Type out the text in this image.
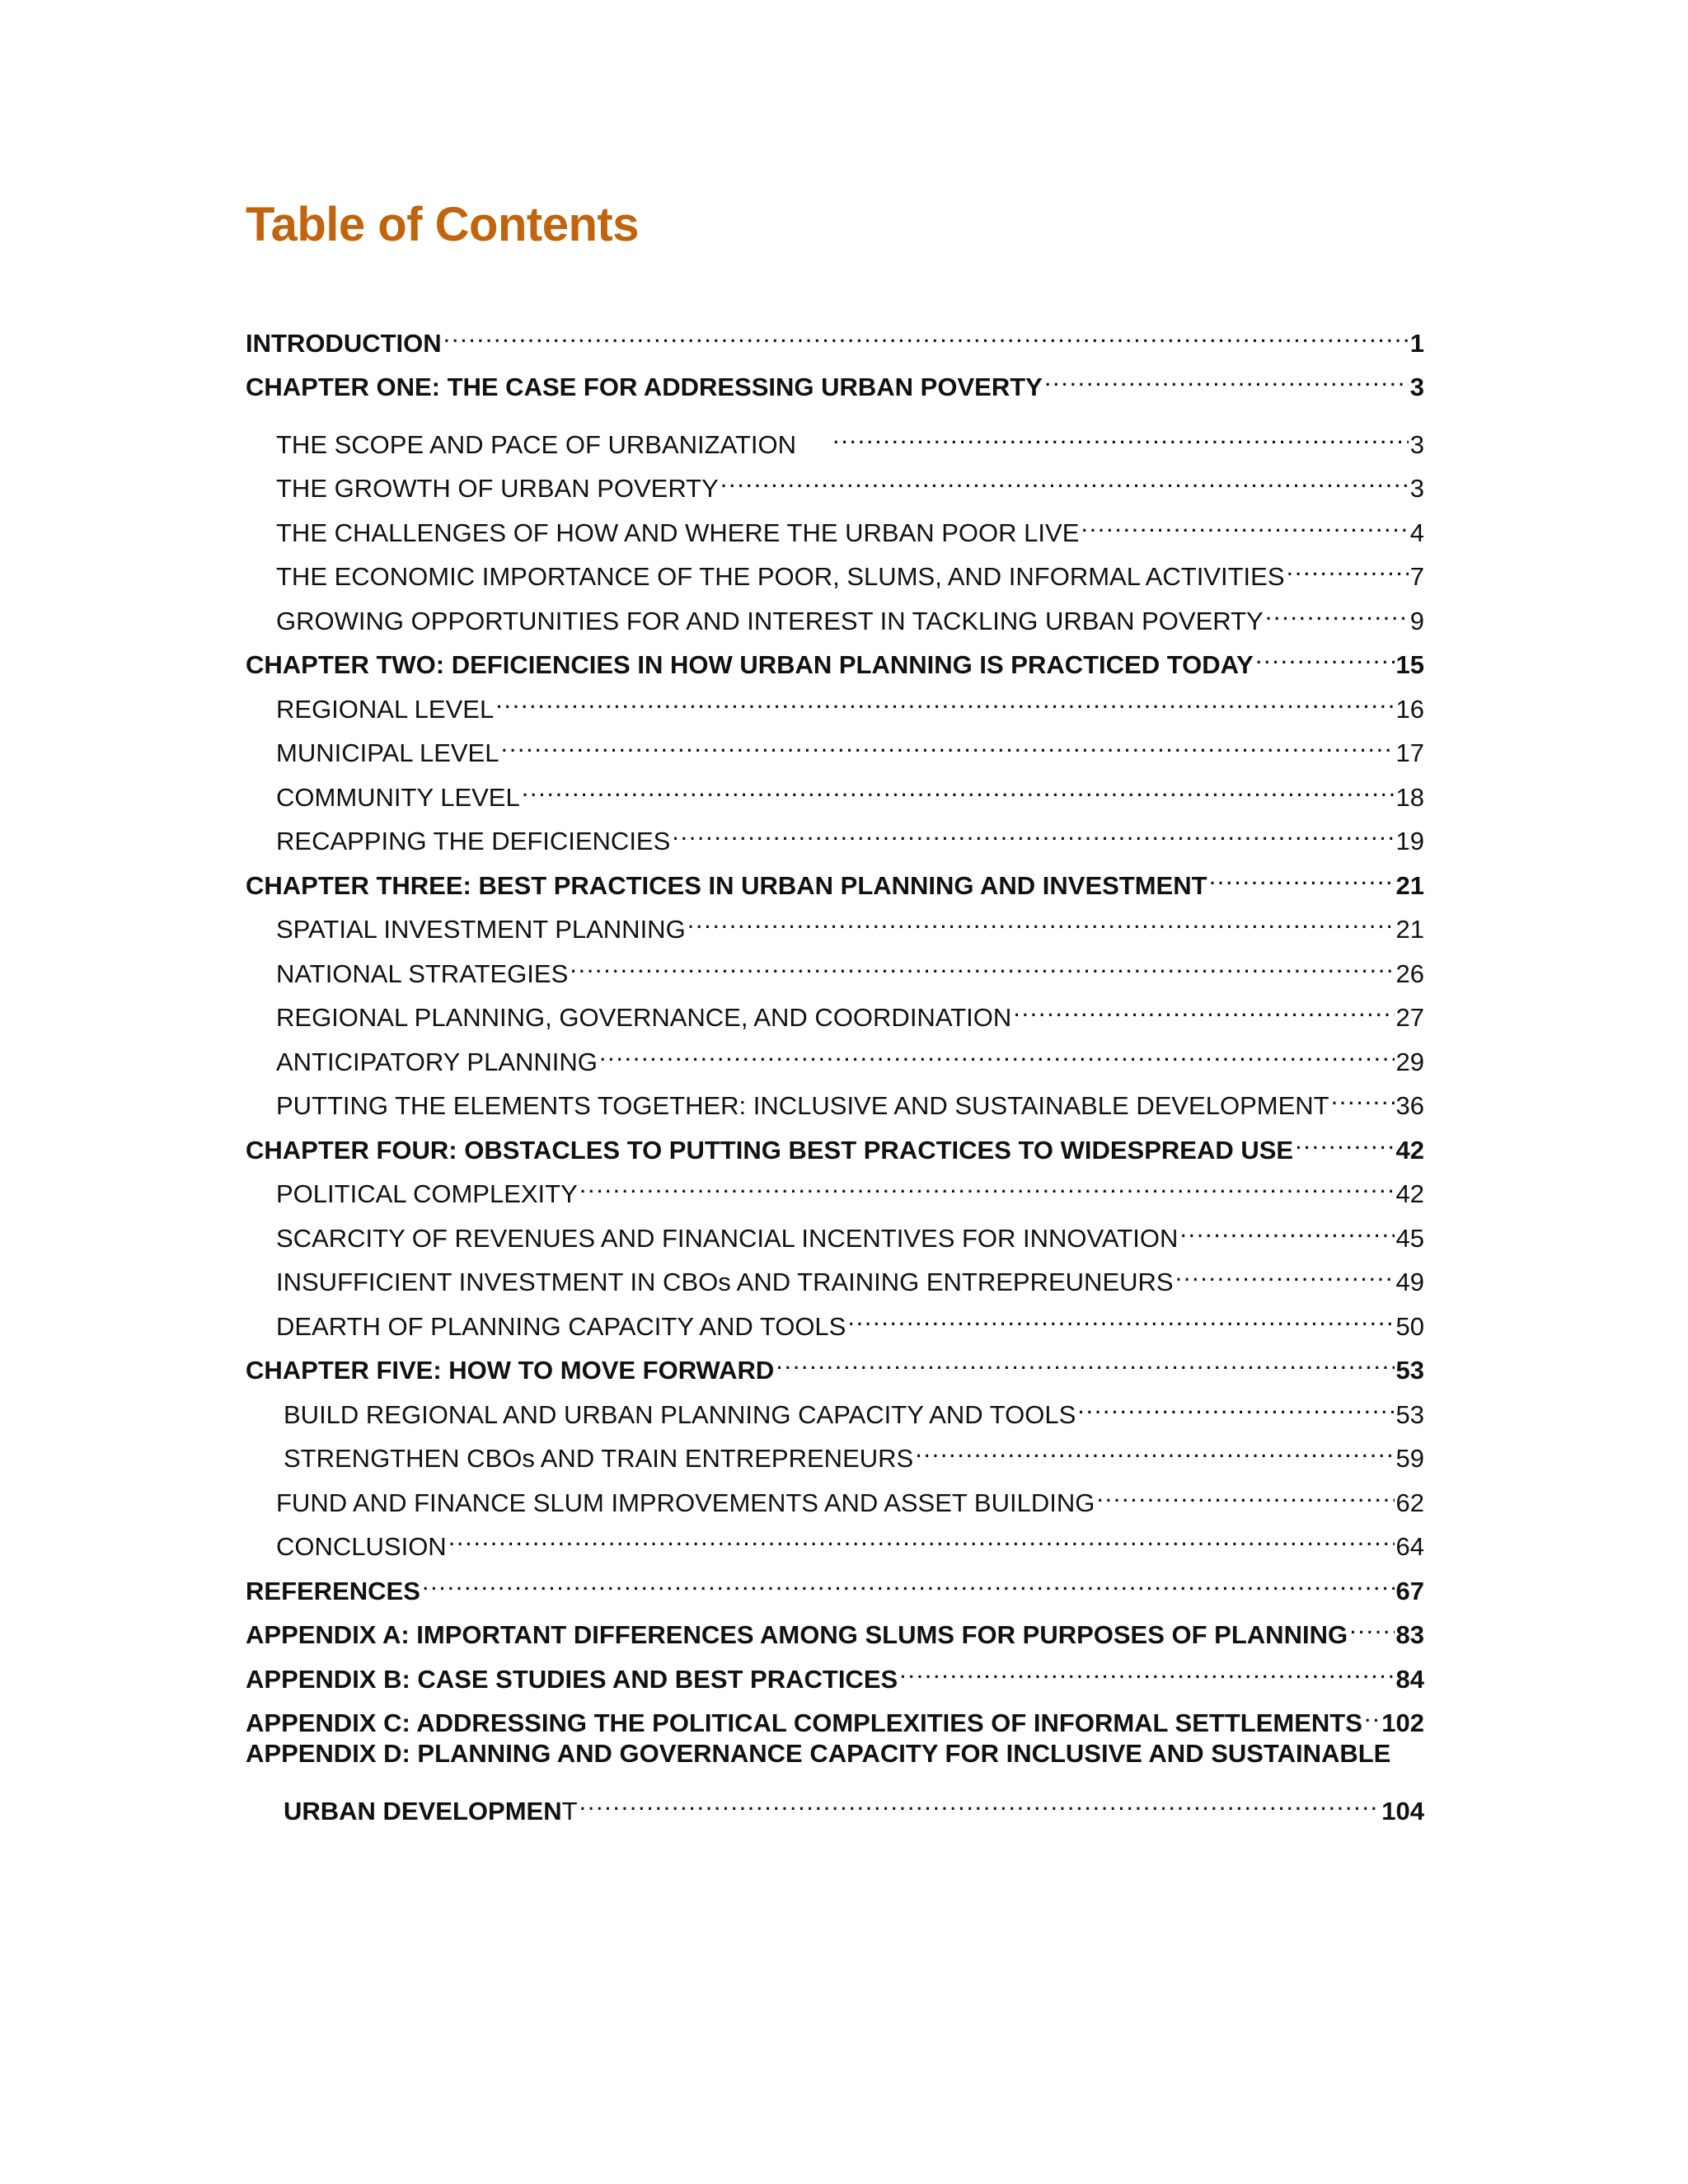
Table of Contents
INTRODUCTION .....	1
CHAPTER ONE: THE CASE FOR ADDRESSING URBAN POVERTY .....	3
THE SCOPE AND PACE OF URBANIZATION .....	3
THE GROWTH OF URBAN POVERTY .....	3
THE CHALLENGES OF HOW AND WHERE THE URBAN POOR LIVE .....	4
THE ECONOMIC IMPORTANCE OF THE POOR, SLUMS, AND INFORMAL ACTIVITIES .....	7
GROWING OPPORTUNITIES FOR AND INTEREST IN TACKLING URBAN POVERTY .....	9
CHAPTER TWO: DEFICIENCIES IN HOW URBAN PLANNING IS PRACTICED TODAY .....	15
REGIONAL LEVEL .....	16
MUNICIPAL LEVEL .....	17
COMMUNITY LEVEL .....	18
RECAPPING THE DEFICIENCIES .....	19
CHAPTER THREE: BEST PRACTICES IN URBAN PLANNING AND INVESTMENT .....	21
SPATIAL INVESTMENT PLANNING .....	21
NATIONAL STRATEGIES .....	26
REGIONAL PLANNING, GOVERNANCE, AND COORDINATION .....	27
ANTICIPATORY PLANNING .....	29
PUTTING THE ELEMENTS TOGETHER: INCLUSIVE AND SUSTAINABLE DEVELOPMENT .....	36
CHAPTER FOUR: OBSTACLES TO PUTTING BEST PRACTICES TO WIDESPREAD USE .....	42
POLITICAL COMPLEXITY .....	42
SCARCITY OF REVENUES AND FINANCIAL INCENTIVES FOR INNOVATION .....	45
INSUFFICIENT INVESTMENT IN CBOs AND TRAINING ENTREPREUNEURS .....	49
DEARTH OF PLANNING CAPACITY AND TOOLS .....	50
CHAPTER FIVE: HOW TO MOVE FORWARD .....	53
BUILD REGIONAL AND URBAN PLANNING CAPACITY AND TOOLS .....	53
STRENGTHEN CBOs AND TRAIN ENTREPRENEURS .....	59
FUND AND FINANCE SLUM IMPROVEMENTS AND ASSET BUILDING .....	62
CONCLUSION .....	64
REFERENCES .....	67
APPENDIX A: IMPORTANT DIFFERENCES AMONG SLUMS FOR PURPOSES OF PLANNING ..... 83
APPENDIX B: CASE STUDIES AND BEST PRACTICES .....	84
APPENDIX C: ADDRESSING THE POLITICAL COMPLEXITIES OF INFORMAL SETTLEMENTS ..... 102
APPENDIX D: PLANNING AND GOVERNANCE CAPACITY FOR INCLUSIVE AND SUSTAINABLE
URBAN DEVELOPMENT .....	104
